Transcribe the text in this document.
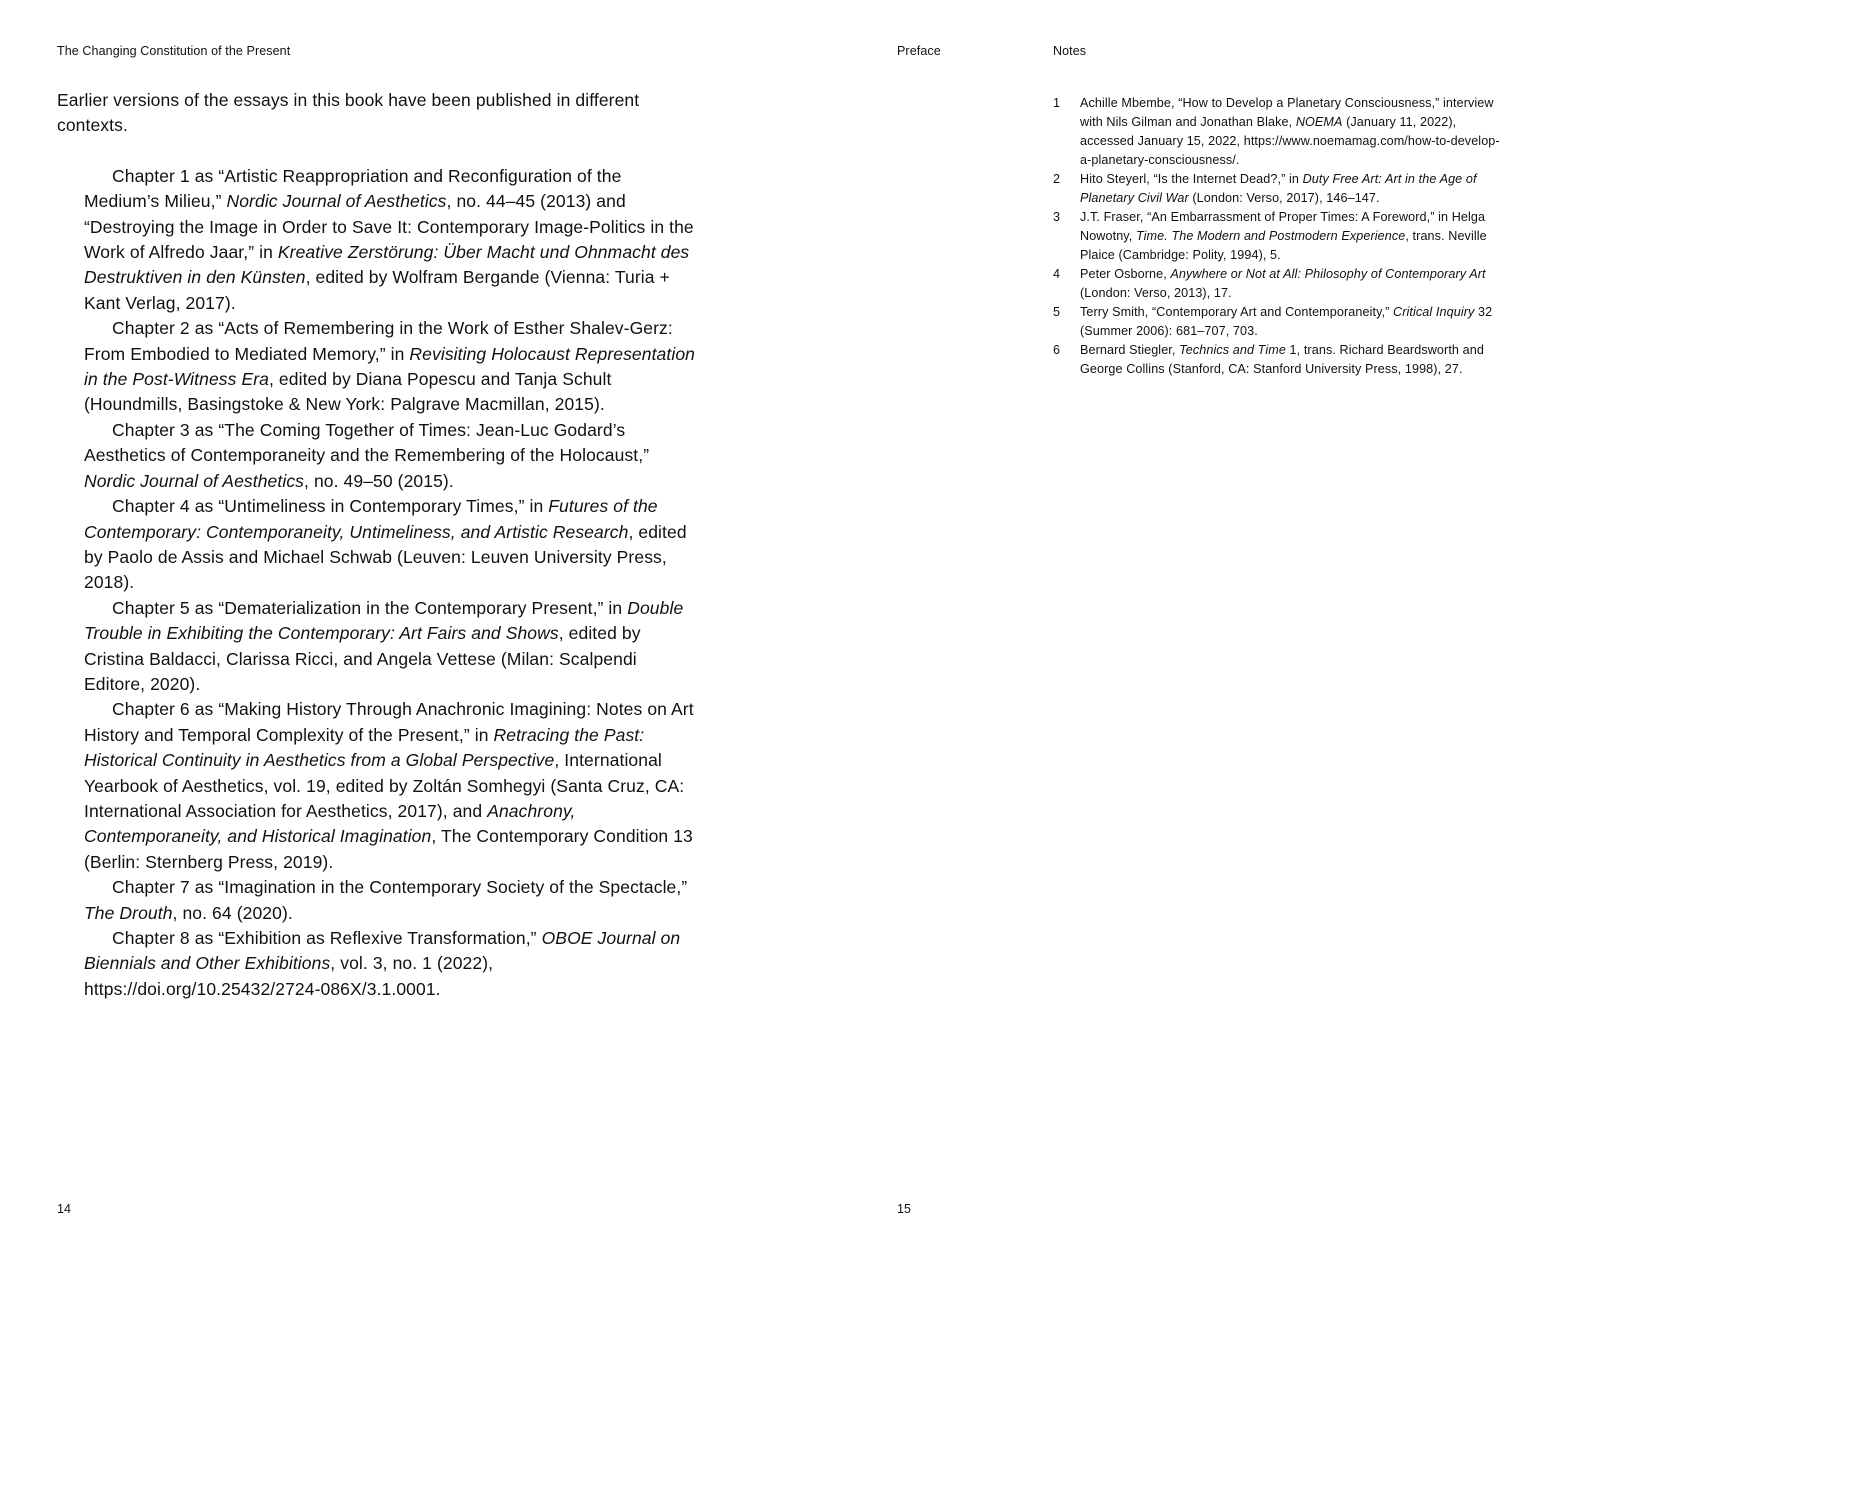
The Changing Constitution of the Present	Preface	Notes

Earlier versions of the essays in this book have been published in different contexts.

Chapter 1 as “Artistic Reappropriation and Reconfiguration of the Medium’s Milieu,” Nordic Journal of Aesthetics, no. 44–45 (2013) and “Destroying the Image in Order to Save It: Contemporary Image-Politics in the Work of Alfredo Jaar,” in Kreative Zerstörung: Über Macht und Ohnmacht des Destruktiven in den Künsten, edited by Wolfram Bergande (Vienna: Turia + Kant Verlag, 2017).

Chapter 2 as “Acts of Remembering in the Work of Esther Shalev-Gerz: From Embodied to Mediated Memory,” in Revisiting Holocaust Representation in the Post-Witness Era, edited by Diana Popescu and Tanja Schult (Houndmills, Basingstoke & New York: Palgrave Macmillan, 2015).

Chapter 3 as “The Coming Together of Times: Jean-Luc Godard’s Aesthetics of Contemporaneity and the Remembering of the Holocaust,” Nordic Journal of Aesthetics, no. 49–50 (2015).

Chapter 4 as “Untimeliness in Contemporary Times,” in Futures of the Contemporary: Contemporaneity, Untimeliness, and Artistic Research, edited by Paolo de Assis and Michael Schwab (Leuven: Leuven University Press, 2018).

Chapter 5 as “Dematerialization in the Contemporary Present,” in Double Trouble in Exhibiting the Contemporary: Art Fairs and Shows, edited by Cristina Baldacci, Clarissa Ricci, and Angela Vettese (Milan: Scalpendi Editore, 2020).

Chapter 6 as “Making History Through Anachronic Imagining: Notes on Art History and Temporal Complexity of the Present,” in Retracing the Past: Historical Continuity in Aesthetics from a Global Perspective, International Yearbook of Aesthetics, vol. 19, edited by Zoltán Somhegyi (Santa Cruz, CA: International Association for Aesthetics, 2017), and Anachrony, Contemporaneity, and Historical Imagination, The Contemporary Condition 13 (Berlin: Sternberg Press, 2019).

Chapter 7 as “Imagination in the Contemporary Society of the Spectacle,” The Drouth, no. 64 (2020).

Chapter 8 as “Exhibition as Reflexive Transformation,” OBOE Journal on Biennials and Other Exhibitions, vol. 3, no. 1 (2022), https://doi.org/10.25432/2724-086X/3.1.0001.

1	Achille Mbembe, “How to Develop a Planetary Consciousness,” interview with Nils Gilman and Jonathan Blake, NOEMA (January 11, 2022), accessed January 15, 2022, https://www.noemamag.com/how-to-develop-a-planetary-consciousness/.
2	Hito Steyerl, “Is the Internet Dead?,” in Duty Free Art: Art in the Age of Planetary Civil War (London: Verso, 2017), 146–147.
3	J.T. Fraser, “An Embarrassment of Proper Times: A Foreword,” in Helga Nowotny, Time. The Modern and Postmodern Experience, trans. Neville Plaice (Cambridge: Polity, 1994), 5.
4	Peter Osborne, Anywhere or Not at All: Philosophy of Contemporary Art (London: Verso, 2013), 17.
5	Terry Smith, “Contemporary Art and Contemporaneity,” Critical Inquiry 32 (Summer 2006): 681–707, 703.
6	Bernard Stiegler, Technics and Time 1, trans. Richard Beardsworth and George Collins (Stanford, CA: Stanford University Press, 1998), 27.
14	15
